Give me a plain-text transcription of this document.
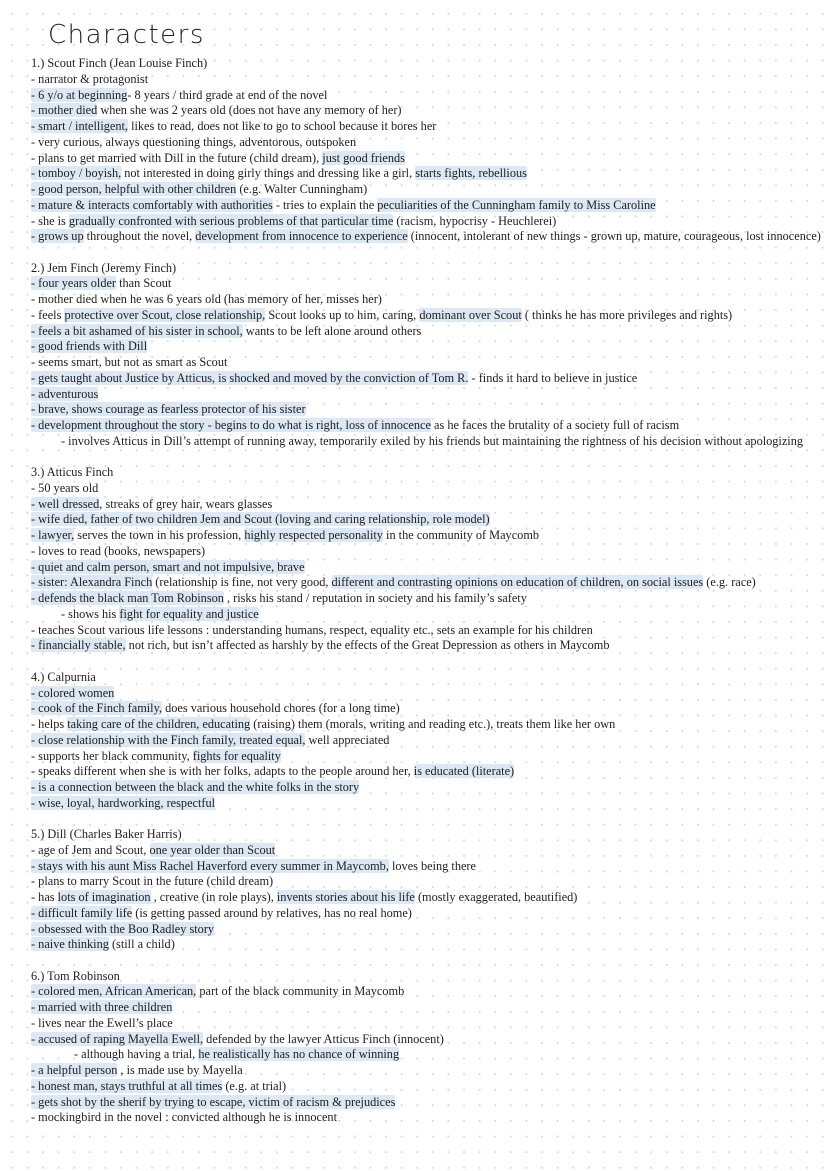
Characters
1.) Scout Finch (Jean Louise Finch)
- narrator & protagonist
- 6 y/o at beginning- 8 years / third grade at end of the novel
- mother died when she was 2 years old (does not have any memory of her)
- smart / intelligent, likes to read, does not like to go to school because it bores her
- very curious, always questioning things, adventorous, outspoken
- plans to get married with Dill in the future (child dream), just good friends
- tomboy / boyish, not interested in doing girly things and dressing like a girl, starts fights, rebellious
- good person, helpful with other children (e.g. Walter Cunningham)
- mature & interacts comfortably with authorities - tries to explain the peculiarities of the Cunningham family to Miss Caroline
- she is gradually confronted with serious problems of that particular time (racism, hypocrisy - Heuchlerei)
- grows up throughout the novel, development from innocence to experience (innocent, intolerant of new things - grown up, mature, courageous, lost innocence)
2.) Jem Finch (Jeremy Finch)
- four years older than Scout
- mother died when he was 6 years old (has memory of her, misses her)
- feels protective over Scout, close relationship, Scout looks up to him, caring, dominant over Scout ( thinks he has more privileges and rights)
- feels a bit ashamed of his sister in school, wants to be left alone around others
- good friends with Dill
- seems smart, but not as smart as Scout
- gets taught about Justice by Atticus, is shocked and moved by the conviction of Tom R. - finds it hard to believe in justice
- adventurous
- brave, shows courage as fearless protector of his sister
- development throughout the story - begins to do what is right, loss of innocence as he faces the brutality of a society full of racism
- involves Atticus in Dill’s attempt of running away, temporarily exiled by his friends but maintaining the rightness of his decision without apologizing
3.) Atticus Finch
- 50 years old
- well dressed, streaks of grey hair, wears glasses
- wife died, father of two children Jem and Scout (loving and caring relationship, role model)
- lawyer, serves the town in his profession, highly respected personality in the community of Maycomb
- loves to read (books, newspapers)
- quiet and calm person, smart and not impulsive, brave
- sister: Alexandra Finch (relationship is fine, not very good, different and contrasting opinions on education of children, on social issues (e.g. race)
- defends the black man Tom Robinson , risks his stand / reputation in society and his family’s safety
- shows his fight for equality and justice
- teaches Scout various life lessons : understanding humans, respect, equality etc., sets an example for his children
- financially stable, not rich, but isn’t affected as harshly by the effects of the Great Depression as others in Maycomb
4.) Calpurnia
- colored women
- cook of the Finch family, does various household chores (for a long time)
- helps taking care of the children, educating (raising) them (morals, writing and reading etc.), treats them like her own
- close relationship with the Finch family, treated equal, well appreciated
- supports her black community, fights for equality
- speaks different when she is with her folks, adapts to the people around her, is educated (literate)
- is a connection between the black and the white folks in the story
- wise, loyal, hardworking, respectful
5.) Dill (Charles Baker Harris)
- age of Jem and Scout, one year older than Scout
- stays with his aunt Miss Rachel Haverford every summer in Maycomb, loves being there
- plans to marry Scout in the future (child dream)
- has lots of imagination , creative (in role plays), invents stories about his life (mostly exaggerated, beautified)
- difficult family life (is getting passed around by relatives, has no real home)
- obsessed with the Boo Radley story
- naive thinking (still a child)
6.) Tom Robinson
- colored men, African American, part of the black community in Maycomb
- married with three children
- lives near the Ewell’s place
- accused of raping Mayella Ewell, defended by the lawyer Atticus Finch (innocent)
- although having a trial, he realistically has no chance of winning
- a helpful person , is made use by Mayella
- honest man, stays truthful at all times (e.g. at trial)
- gets shot by the sherif by trying to escape, victim of racism & prejudices
- mockingbird in the novel : convicted although he is innocent
